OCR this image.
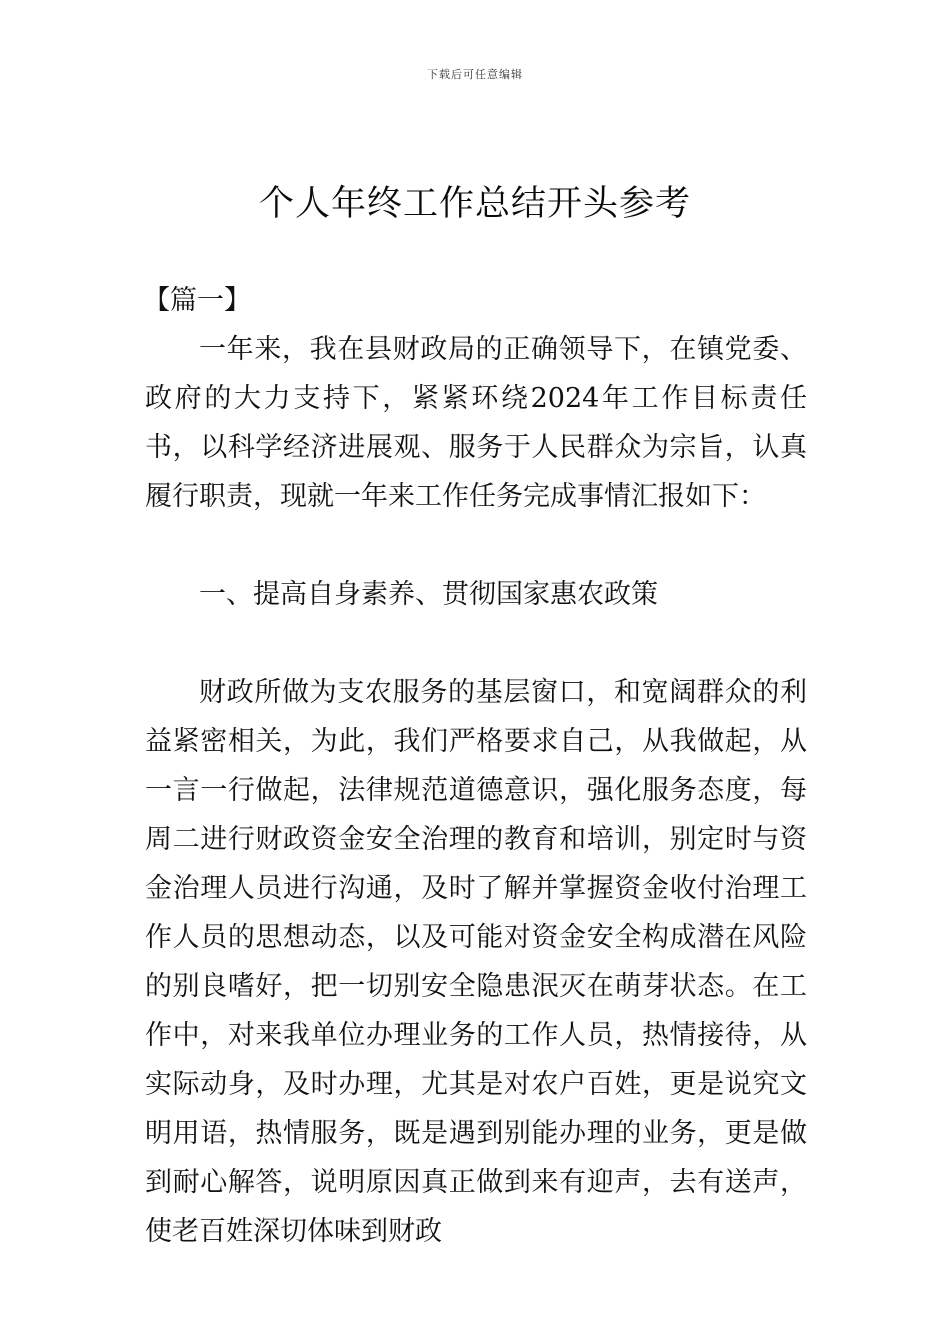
下载后可任意编辑
个人年终工作总结开头参考

【篇一】

一年来，我在县财政局的正确领导下，在镇党委、政府的大力支持下，紧紧环绕2024年工作目标责任书，以科学经济进展观、服务于人民群众为宗旨，认真履行职责，现就一年来工作任务完成事情汇报如下：

一、提高自身素养、贯彻国家惠农政策

财政所做为支农服务的基层窗口，和宽阔群众的利益紧密相关，为此，我们严格要求自己，从我做起，从一言一行做起，法律规范道德意识，强化服务态度，每周二进行财政资金安全治理的教育和培训，别定时与资金治理人员进行沟通，及时了解并掌握资金收付治理工作人员的思想动态，以及可能对资金安全构成潜在风险的别良嗜好，把一切别安全隐患泯灭在萌芽状态。在工作中，对来我单位办理业务的工作人员，热情接待，从实际动身，及时办理，尤其是对农户百姓，更是说究文明用语，热情服务，既是遇到别能办理的业务，更是做到耐心解答，说明原因真正做到来有迎声，去有送声，使老百姓深切体味到财政
